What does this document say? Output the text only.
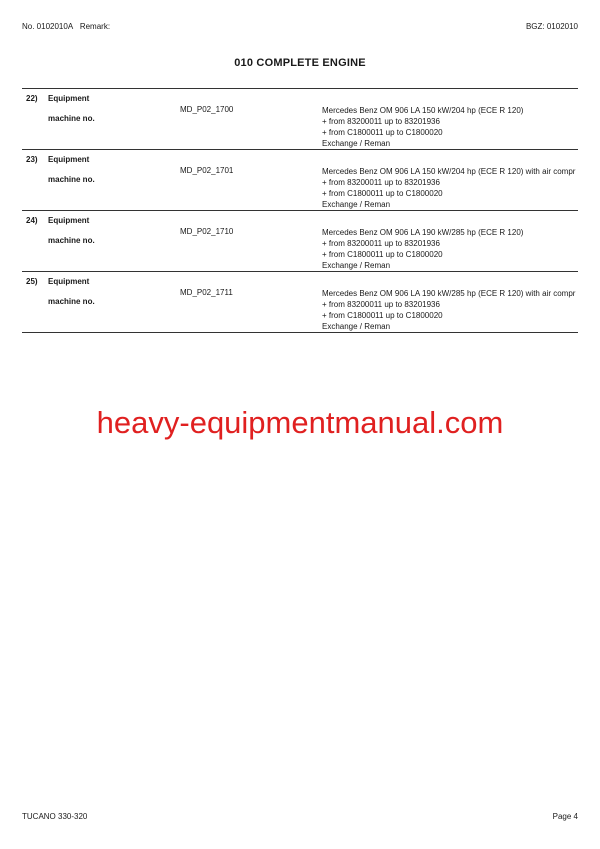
No. 0102010A Remark:	BGZ: 0102010
010 COMPLETE ENGINE
22) Equipment
machine no.
MD_P02_1700	Mercedes Benz OM 906 LA 150 kW/204 hp (ECE R 120)
+ from 83200011 up to 83201936
+ from C1800011 up to C1800020
Exchange / Reman
23) Equipment
machine no.
MD_P02_1701	Mercedes Benz OM 906 LA 150 kW/204 hp (ECE R 120) with air compr
+ from 83200011 up to 83201936
+ from C1800011 up to C1800020
Exchange / Reman
24) Equipment
machine no.
MD_P02_1710	Mercedes Benz OM 906 LA 190 kW/285 hp (ECE R 120)
+ from 83200011 up to 83201936
+ from C1800011 up to C1800020
Exchange / Reman
25) Equipment
machine no.
MD_P02_1711	Mercedes Benz OM 906 LA 190 kW/285 hp (ECE R 120) with air compr
+ from 83200011 up to 83201936
+ from C1800011 up to C1800020
Exchange / Reman
heavy-equipmentmanual.com
TUCANO 330-320	Page 4
